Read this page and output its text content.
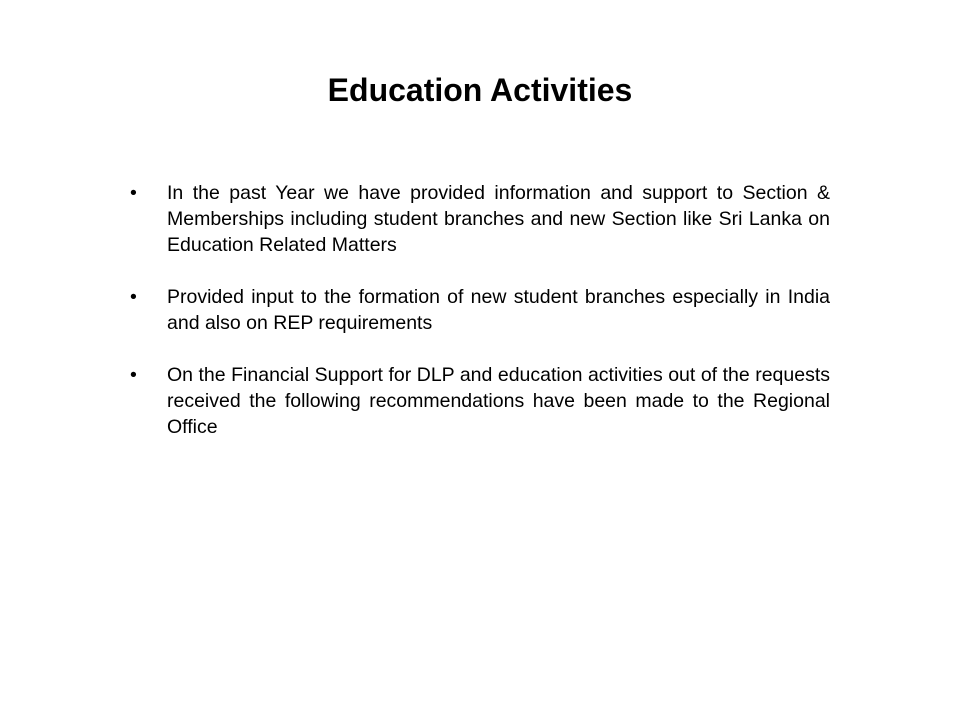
Education Activities
•	In the past Year we have provided information and support to Section & Memberships including student branches and new Section like Sri Lanka on Education Related Matters
•	Provided input to the formation of new student branches especially in India and also on REP requirements
•	On the Financial Support for DLP and education activities out of the requests received the following recommendations have been made to the Regional Office
